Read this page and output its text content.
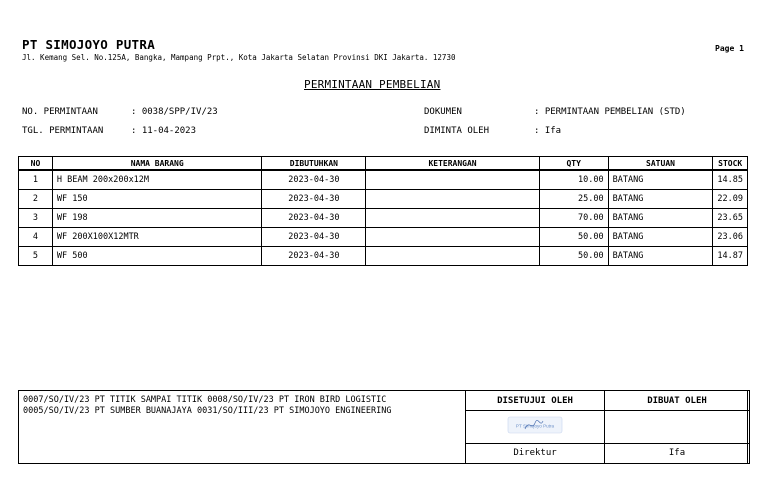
PT SIMOJOYO PUTRA
Jl. Kemang Sel. No.125A, Bangka, Mampang Prpt., Kota Jakarta Selatan Provinsi DKI Jakarta. 12730
Page 1
PERMINTAAN PEMBELIAN
NO. PERMINTAAN	: 0038/SPP/IV/23
TGL. PERMINTAAN	: 11-04-2023
DOKUMEN	: PERMINTAAN PEMBELIAN (STD)
DIMINTA OLEH	: Ifa
NO	NAMA BARANG	DIBUTUHKAN	KETERANGAN	QTY	SATUAN	STOCK
1	H BEAM 200x200x12M	2023-04-30		10.00	BATANG	14.85
2	WF 150	2023-04-30		25.00	BATANG	22.09
3	WF 198	2023-04-30		70.00	BATANG	23.65
4	WF 200X100X12MTR	2023-04-30		50.00	BATANG	23.06
5	WF 500	2023-04-30		50.00	BATANG	14.87
0007/SO/IV/23 PT TITIK SAMPAI TITIK 0008/SO/IV/23 PT IRON BIRD LOGISTIC
0005/SO/IV/23 PT SUMBER BUANAJAYA 0031/SO/III/23 PT SIMOJOYO ENGINEERING
DISETUJUI OLEH	DIBUAT OLEH

PT Simojoyo Putra	

Direktur	Ifa
